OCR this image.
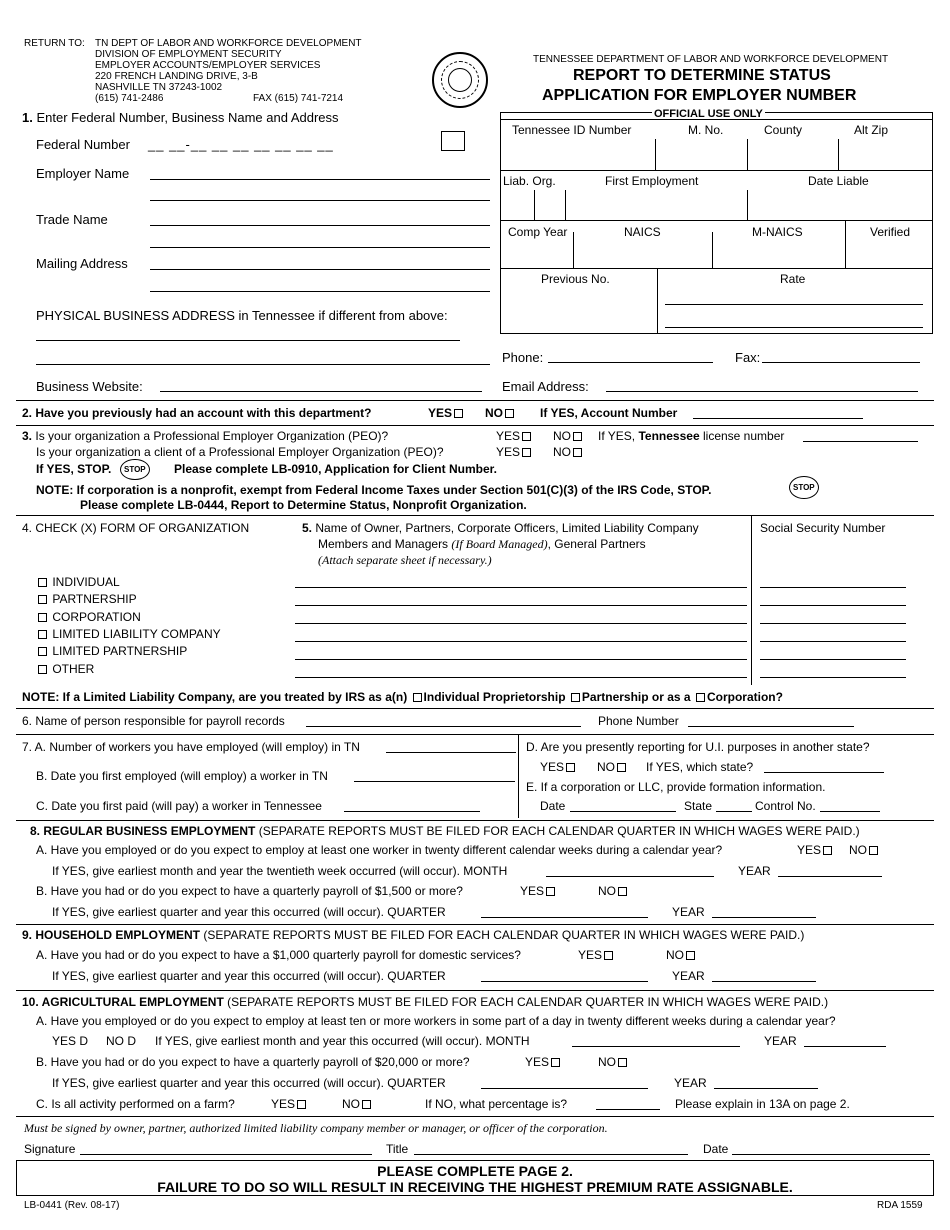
RETURN TO: TN DEPT OF LABOR AND WORKFORCE DEVELOPMENT
DIVISION OF EMPLOYMENT SECURITY
EMPLOYER ACCOUNTS/EMPLOYER SERVICES
220 FRENCH LANDING DRIVE, 3-B
NASHVILLE TN 37243-1002
(615) 741-2486	FAX (615) 741-7214
TENNESSEE DEPARTMENT OF LABOR AND WORKFORCE DEVELOPMENT
REPORT TO DETERMINE STATUS
APPLICATION FOR EMPLOYER NUMBER
OFFICIAL USE ONLY
Tennessee ID Number	M. No.	County	Alt Zip
Liab. Org.	First Employment	Date Liable
Comp Year	NAICS	M-NAICS	Verified
Previous No.	Rate
1. Enter Federal Number, Business Name and Address
Federal Number __ __-__ __ __ __ __ __ __
Employer Name
Trade Name
Mailing Address
PHYSICAL BUSINESS ADDRESS in Tennessee if different from above:
Phone:	Fax:
Business Website:	Email Address:
2. Have you previously had an account with this department?	YES	NO	If YES, Account Number
3. Is your organization a Professional Employer Organization (PEO)?	YES	NO	If YES, Tennessee license number
Is your organization a client of a Professional Employer Organization (PEO)?	YES	NO
If YES, STOP.	STOP	Please complete LB-0910, Application for Client Number.
NOTE: If corporation is a nonprofit, exempt from Federal Income Taxes under Section 501(C)(3) of the IRS Code, STOP.	STOP
Please complete LB-0444, Report to Determine Status, Nonprofit Organization.
4. CHECK (X) FORM OF ORGANIZATION
INDIVIDUAL
PARTNERSHIP
CORPORATION
LIMITED LIABILITY COMPANY
LIMITED PARTNERSHIP
OTHER
5. Name of Owner, Partners, Corporate Officers, Limited Liability Company
Members and Managers (If Board Managed), General Partners
(Attach separate sheet if necessary.)
Social Security Number
NOTE: If a Limited Liability Company, are you treated by IRS as a(n) Individual Proprietorship Partnership or as a Corporation?
6. Name of person responsible for payroll records	Phone Number
7. A. Number of workers you have employed (will employ) in TN
B. Date you first employed (will employ) a worker in TN
C. Date you first paid (will pay) a worker in Tennessee
D. Are you presently reporting for U.I. purposes in another state?
YES	NO	If YES, which state?
E. If a corporation or LLC, provide formation information.
Date	State	Control No.
8. REGULAR BUSINESS EMPLOYMENT (SEPARATE REPORTS MUST BE FILED FOR EACH CALENDAR QUARTER IN WHICH WAGES WERE PAID.)
A. Have you employed or do you expect to employ at least one worker in twenty different calendar weeks during a calendar year?	YES	NO
If YES, give earliest month and year the twentieth week occurred (will occur). MONTH	YEAR
B. Have you had or do you expect to have a quarterly payroll of $1,500 or more?	YES	NO
If YES, give earliest quarter and year this occurred (will occur). QUARTER	YEAR
9. HOUSEHOLD EMPLOYMENT (SEPARATE REPORTS MUST BE FILED FOR EACH CALENDAR QUARTER IN WHICH WAGES WERE PAID.)
A. Have you had or do you expect to have a $1,000 quarterly payroll for domestic services?	YES	NO
If YES, give earliest quarter and year this occurred (will occur). QUARTER	YEAR
10. AGRICULTURAL EMPLOYMENT (SEPARATE REPORTS MUST BE FILED FOR EACH CALENDAR QUARTER IN WHICH WAGES WERE PAID.)
A. Have you employed or do you expect to employ at least ten or more workers in some part of a day in twenty different weeks during a calendar year?
YES D NO D If YES, give earliest month and year this occurred (will occur). MONTH	YEAR
B. Have you had or do you expect to have a quarterly payroll of $20,000 or more?	YES	NO
If YES, give earliest quarter and year this occurred (will occur). QUARTER	YEAR
C. Is all activity performed on a farm?	YES	NO	If NO, what percentage is?	Please explain in 13A on page 2.
Must be signed by owner, partner, authorized limited liability company member or manager, or officer of the corporation.
Signature	Title	Date
PLEASE COMPLETE PAGE 2.
FAILURE TO DO SO WILL RESULT IN RECEIVING THE HIGHEST PREMIUM RATE ASSIGNABLE.
LB-0441 (Rev. 08-17)	RDA 1559
